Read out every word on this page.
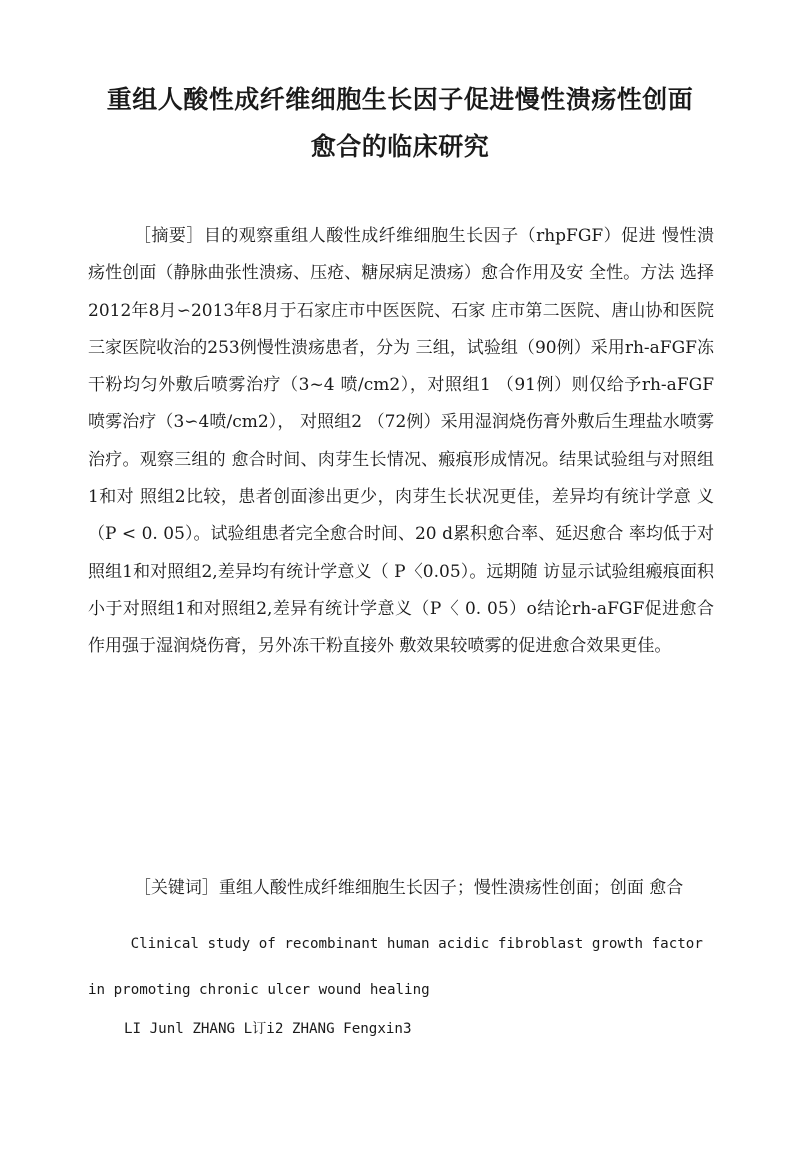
重组人酸性成纤维细胞生长因子促进慢性溃疡性创面
愈合的临床研究

［摘要］目的观察重组人酸性成纤维细胞生长因子（rhpFGF）促进 慢性溃疡性创面（静脉曲张性溃疡、压疮、糖尿病足溃疡）愈合作用及安 全性。方法 选择2012年8月∽2013年8月于石家庄市中医医院、石家 庄市第二医院、唐山协和医院三家医院收治的253例慢性溃疡患者，分为 三组，试验组（90例）采用rh-aFGF冻干粉均匀外敷后喷雾治疗（3~4 喷/cm2），对照组1 （91例）则仅给予rh-aFGF喷雾治疗（3∽4喷/cm2）， 对照组2 （72例）采用湿润烧伤膏外敷后生理盐水喷雾治疗。观察三组的 愈合时间、肉芽生长情况、瘢痕形成情况。结果试验组与对照组1和对 照组2比较，患者创面渗出更少，肉芽生长状况更佳，差异均有统计学意 义（P < 0. 05）。试验组患者完全愈合时间、20 d累积愈合率、延迟愈合 率均低于对照组1和对照组2,差异均有统计学意义（ P〈0.05）。远期随 访显示试验组瘢痕面积小于对照组1和对照组2,差异有统计学意义（P〈 0. 05）o结论rh-aFGF促进愈合作用强于湿润烧伤膏，另外冻干粉直接外 敷效果较喷雾的促进愈合效果更佳。

［关键词］重组人酸性成纤维细胞生长因子；慢性溃疡性创面；创面 愈合

Clinical study of recombinant human acidic fibroblast growth factor in promoting chronic ulcer wound healing

LI Junl ZHANG L订i2 ZHANG Fengxin3
